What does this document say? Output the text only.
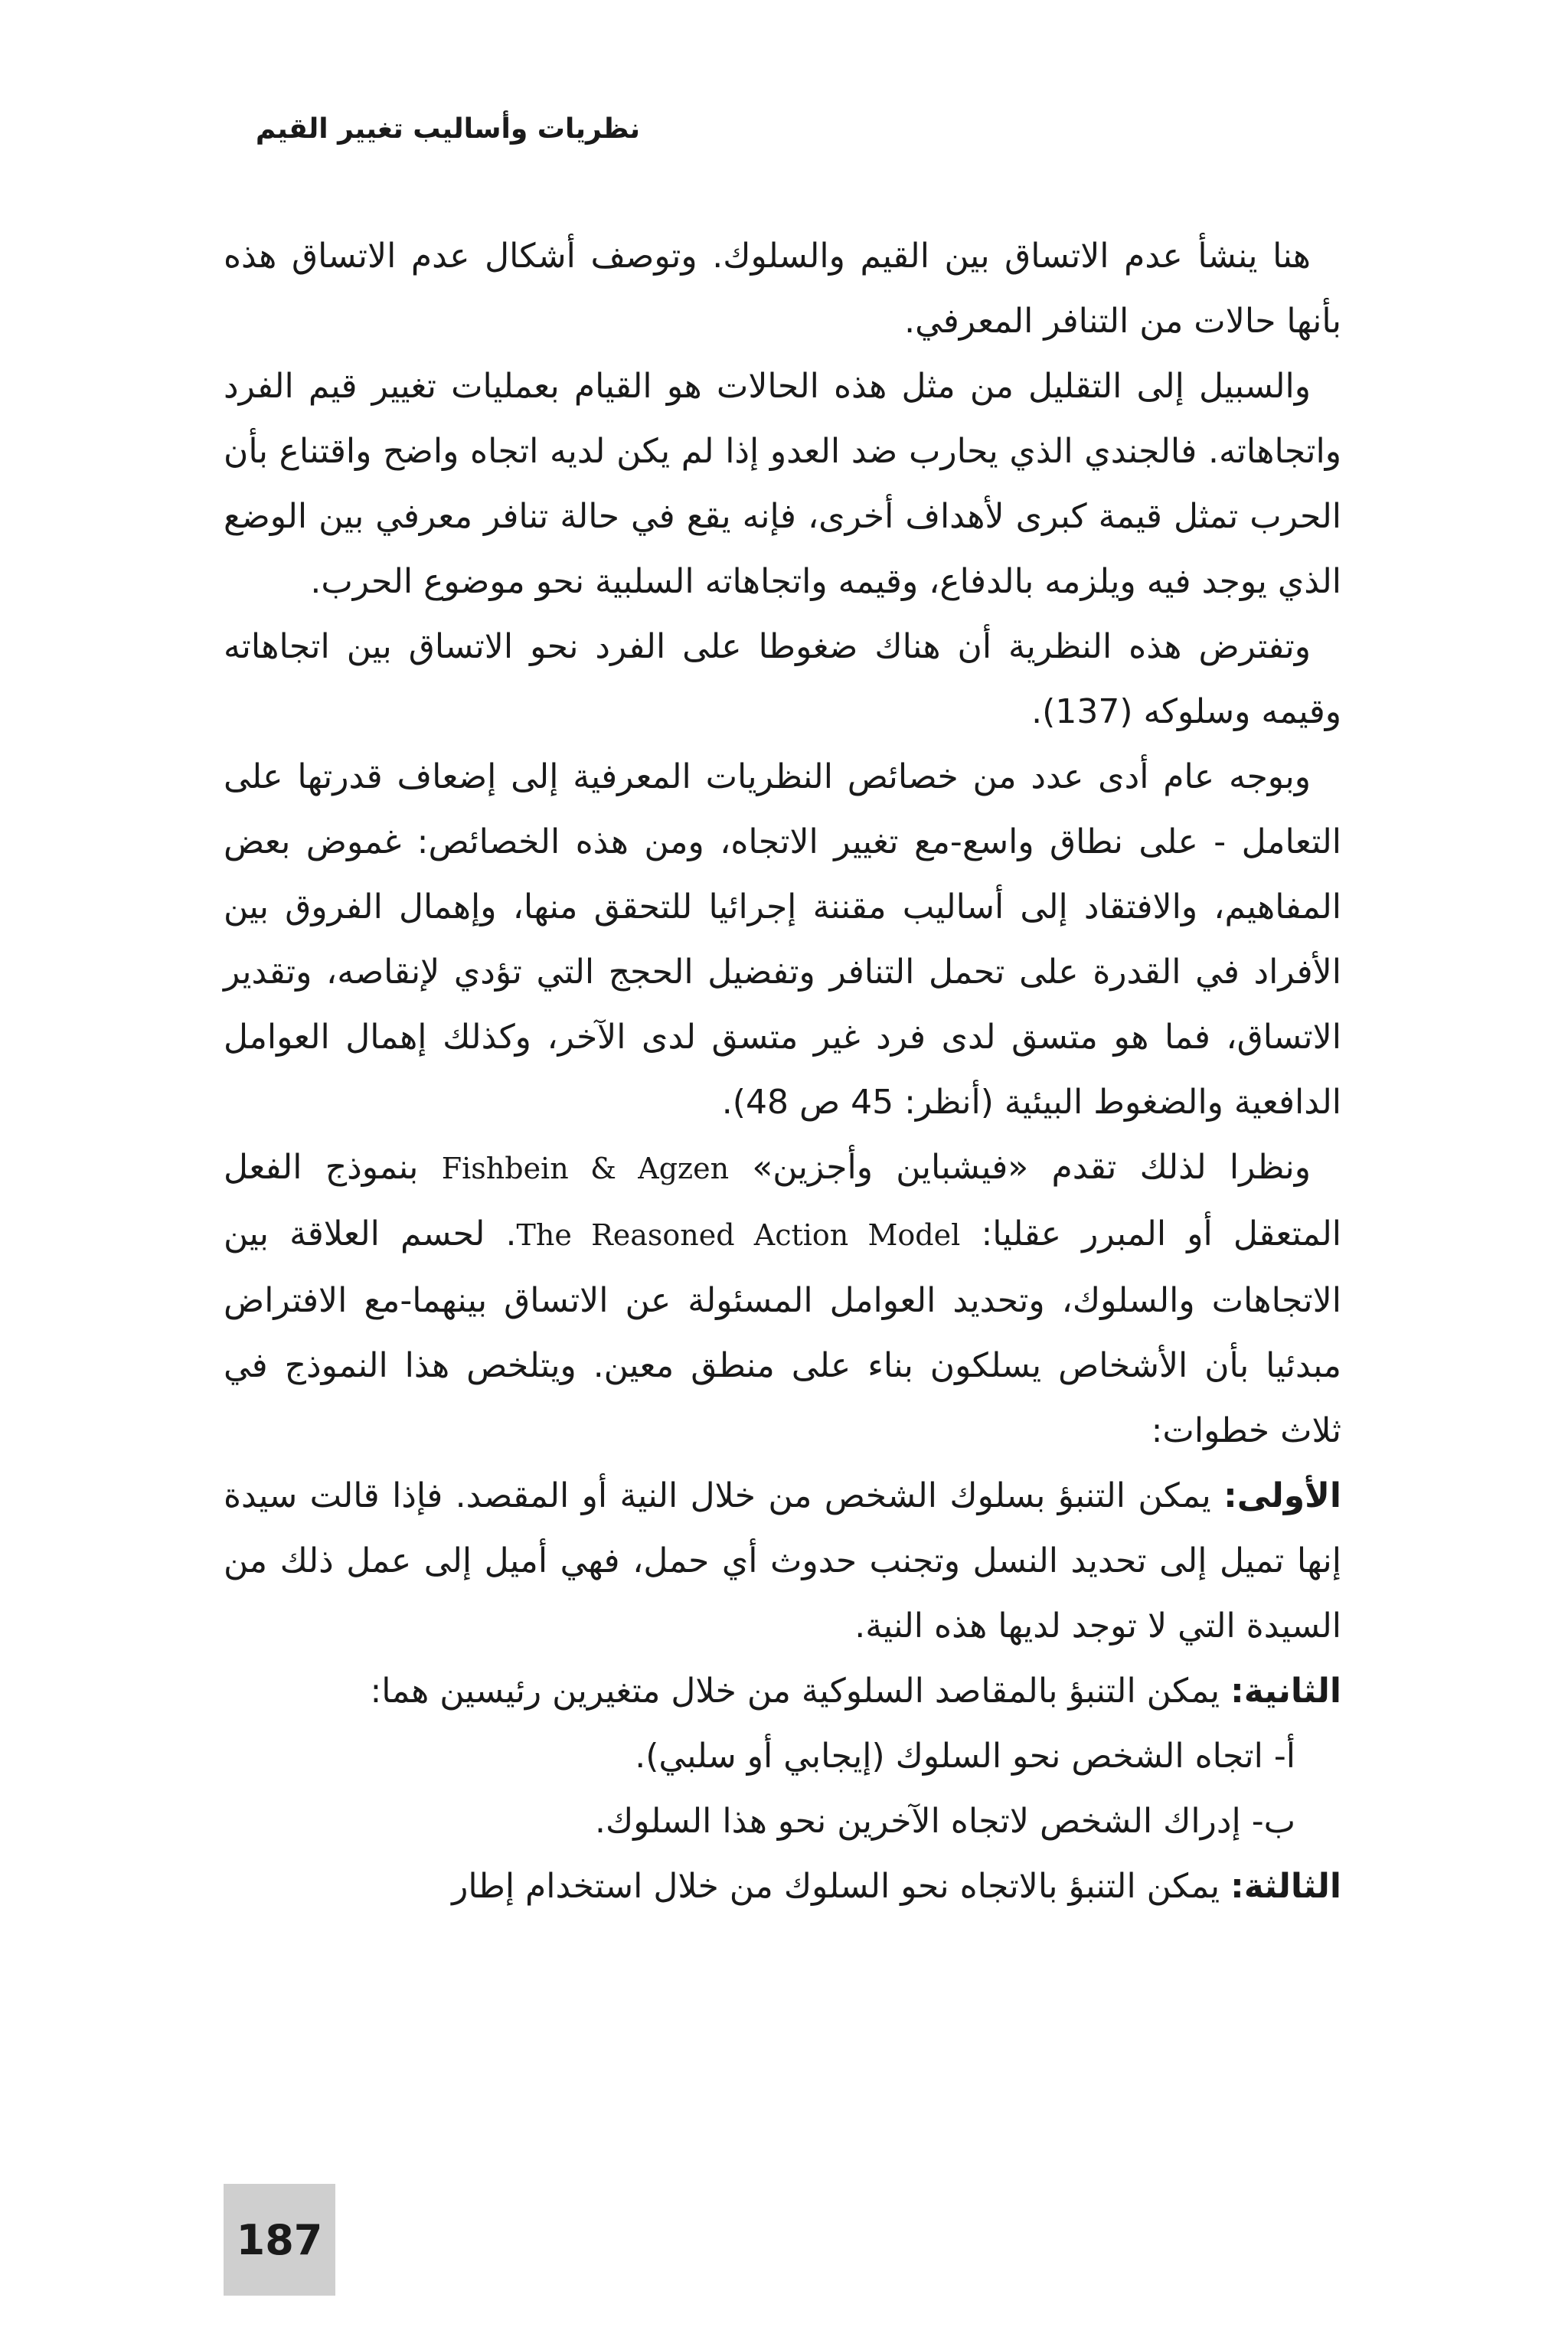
نظريات وأساليب تغيير القيم

هنا ينشأ عدم الاتساق بين القيم والسلوك. وتوصف أشكال عدم الاتساق هذه بأنها حالات من التنافر المعرفي.

والسبيل إلى التقليل من مثل هذه الحالات هو القيام بعمليات تغيير قيم الفرد واتجاهاته. فالجندي الذي يحارب ضد العدو إذا لم يكن لديه اتجاه واضح واقتناع بأن الحرب تمثل قيمة كبرى لأهداف أخرى، فإنه يقع في حالة تنافر معرفي بين الوضع الذي يوجد فيه ويلزمه بالدفاع، وقيمه واتجاهاته السلبية نحو موضوع الحرب.

وتفترض هذه النظرية أن هناك ضغوطا على الفرد نحو الاتساق بين اتجاهاته وقيمه وسلوكه (137).

وبوجه عام أدى عدد من خصائص النظريات المعرفية إلى إضعاف قدرتها على التعامل - على نطاق واسع-مع تغيير الاتجاه، ومن هذه الخصائص: غموض بعض المفاهيم، والافتقاد إلى أساليب مقننة إجرائيا للتحقق منها، وإهمال الفروق بين الأفراد في القدرة على تحمل التنافر وتفضيل الحجج التي تؤدي لإنقاصه، وتقدير الاتساق، فما هو متسق لدى فرد غير متسق لدى الآخر، وكذلك إهمال العوامل الدافعية والضغوط البيئية (أنظر: 45 ص 48).

ونظرا لذلك تقدم «فيشباين وأجزين» Fishbein & Agzen بنموذج الفعل المتعقل أو المبرر عقليا: The Reasoned Action Model. لحسم العلاقة بين الاتجاهات والسلوك، وتحديد العوامل المسئولة عن الاتساق بينهما-مع الافتراض مبدئيا بأن الأشخاص يسلكون بناء على منطق معين. ويتلخص هذا النموذج في ثلاث خطوات:

الأولى: يمكن التنبؤ بسلوك الشخص من خلال النية أو المقصد. فإذا قالت سيدة إنها تميل إلى تحديد النسل وتجنب حدوث أي حمل، فهي أميل إلى عمل ذلك من السيدة التي لا توجد لديها هذه النية.

الثانية: يمكن التنبؤ بالمقاصد السلوكية من خلال متغيرين رئيسين هما:

أ- اتجاه الشخص نحو السلوك (إيجابي أو سلبي).

ب- إدراك الشخص لاتجاه الآخرين نحو هذا السلوك.

الثالثة: يمكن التنبؤ بالاتجاه نحو السلوك من خلال استخدام إطار

187
